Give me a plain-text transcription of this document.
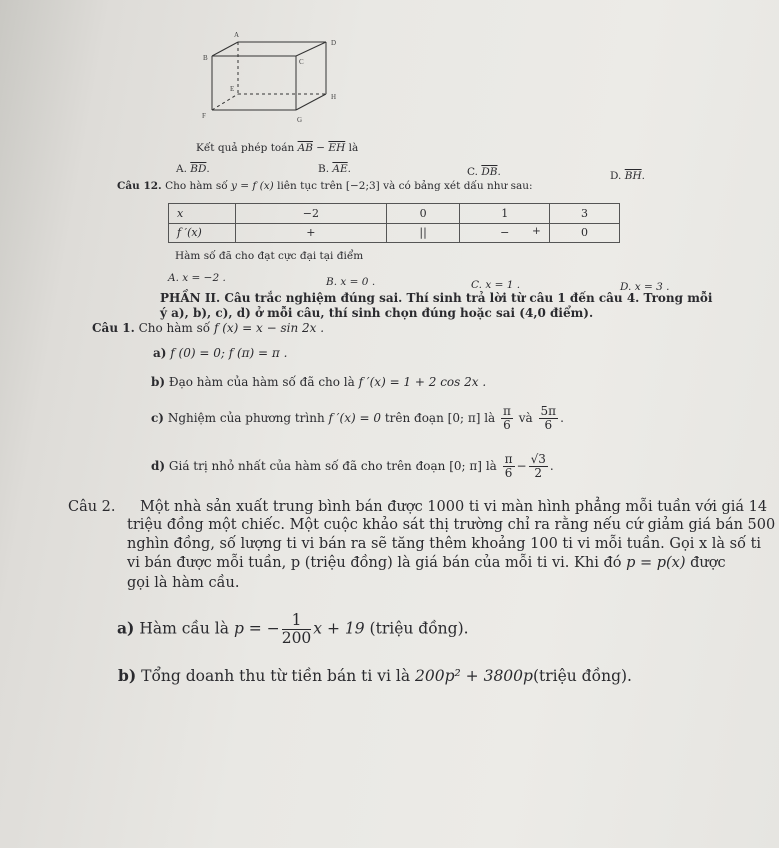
A
D
B	C
E
H
F	G
Kết quả phép toán $\overline{AB} - \overline{EH}$ là
A. $\overline{BD}$.	B. $\overline{AE}$.	C. $\overline{DB}$.	D. $\overline{BH}$.
Câu 12. Cho hàm số y = f (x) liên tục trên [−2;3] và có bảng xét dấu như sau:
x	−2	0	1	3
f ′(x)	+	||	−	0
+
Hàm số đã cho đạt cực đại tại điểm
A. x = −2 .	B. x = 0 .	C. x = 1 .	D. x = 3 .
PHẦN II. Câu trắc nghiệm đúng sai. Thí sinh trả lời từ câu 1 đến câu 4. Trong mỗi
ý a), b), c), d) ở mỗi câu, thí sinh chọn đúng hoặc sai (4,0 điểm).
Câu 1. Cho hàm số f (x) = x − sin 2x .
a) f (0) = 0; f (π) = π .
b) Đạo hàm của hàm số đã cho là f ′(x) = 1 + 2 cos 2x .
c) Nghiệm của phương trình f ′(x) = 0 trên đoạn [0; π] là $\frac{\pi}{6}$ và $\frac{5\pi}{6}$ .
d) Giá trị nhỏ nhất của hàm số đã cho trên đoạn [0; π] là $\frac{\pi}{6} - \frac{√3}{2}$ .
Câu 2. Một nhà sản xuất trung bình bán được 1000 ti vi màn hình phẳng mỗi tuần với giá 14
triệu đồng một chiếc. Một cuộc khảo sát thị trường chỉ ra rằng nếu cứ giảm giá bán 500
nghìn đồng, số lượng ti vi bán ra sẽ tăng thêm khoảng 100 ti vi mỗi tuần. Gọi x là số ti
vi bán được mỗi tuần, p (triệu đồng) là giá bán của mỗi ti vi. Khi đó p = p(x) được
gọi là hàm cầu.
a) Hàm cầu là p = − $\frac{1}{200}$ x + 19 (triệu đồng).
b) Tổng doanh thu từ tiền bán ti vi là 200p² + 3800p(triệu đồng).
